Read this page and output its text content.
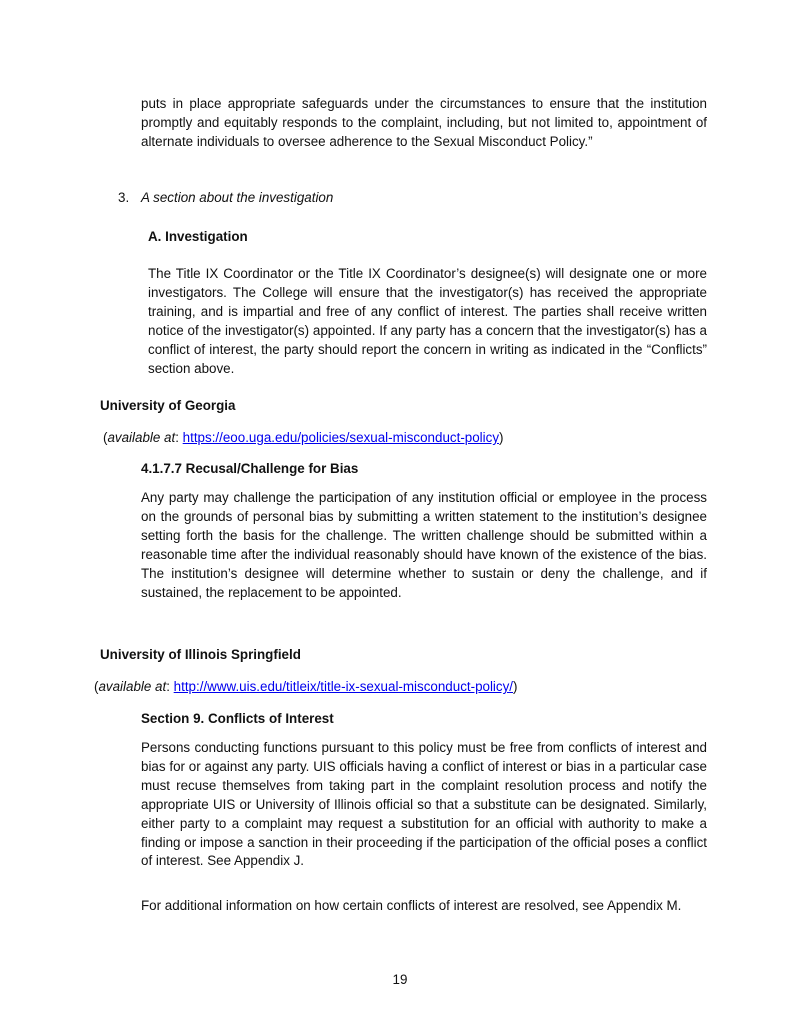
puts in place appropriate safeguards under the circumstances to ensure that the institution promptly and equitably responds to the complaint, including, but not limited to, appointment of alternate individuals to oversee adherence to the Sexual Misconduct Policy.”
3. A section about the investigation
A. Investigation
The Title IX Coordinator or the Title IX Coordinator’s designee(s) will designate one or more investigators. The College will ensure that the investigator(s) has received the appropriate training, and is impartial and free of any conflict of interest. The parties shall receive written notice of the investigator(s) appointed. If any party has a concern that the investigator(s) has a conflict of interest, the party should report the concern in writing as indicated in the “Conflicts” section above.
University of Georgia
(available at: https://eoo.uga.edu/policies/sexual-misconduct-policy)
4.1.7.7 Recusal/Challenge for Bias
Any party may challenge the participation of any institution official or employee in the process on the grounds of personal bias by submitting a written statement to the institution’s designee setting forth the basis for the challenge. The written challenge should be submitted within a reasonable time after the individual reasonably should have known of the existence of the bias. The institution’s designee will determine whether to sustain or deny the challenge, and if sustained, the replacement to be appointed.
University of Illinois Springfield
(available at: http://www.uis.edu/titleix/title-ix-sexual-misconduct-policy/)
Section 9. Conflicts of Interest
Persons conducting functions pursuant to this policy must be free from conflicts of interest and bias for or against any party. UIS officials having a conflict of interest or bias in a particular case must recuse themselves from taking part in the complaint resolution process and notify the appropriate UIS or University of Illinois official so that a substitute can be designated. Similarly, either party to a complaint may request a substitution for an official with authority to make a finding or impose a sanction in their proceeding if the participation of the official poses a conflict of interest. See Appendix J.
For additional information on how certain conflicts of interest are resolved, see Appendix M.
19
